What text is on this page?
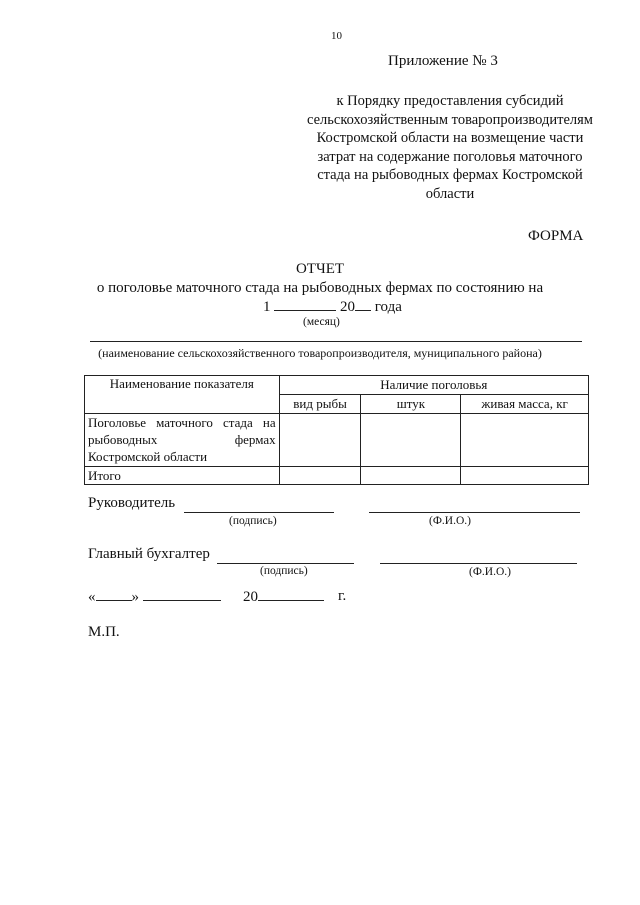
10
Приложение № 3
к Порядку предоставления субсидий сельскохозяйственным товаропроизводителям Костромской области на возмещение части затрат на содержание поголовья маточного стада на рыбоводных фермах Костромской области
ФОРМА
ОТЧЕТ
о поголовье маточного стада на рыбоводных фермах по состоянию на
1	20 года
(месяц)
(наименование сельскохозяйственного товаропроизводителя, муниципального района)
Наименование показателя	Наличие поголовья		
	вид рыбы	штук	живая масса, кг
Поголовье маточного стада на рыбоводных фермах Костромской области			
Итого			
Руководитель
(подпись)	(Ф.И.О.)
Главный бухгалтер
(подпись)	(Ф.И.О.)
« »	20	г.
М.П.
